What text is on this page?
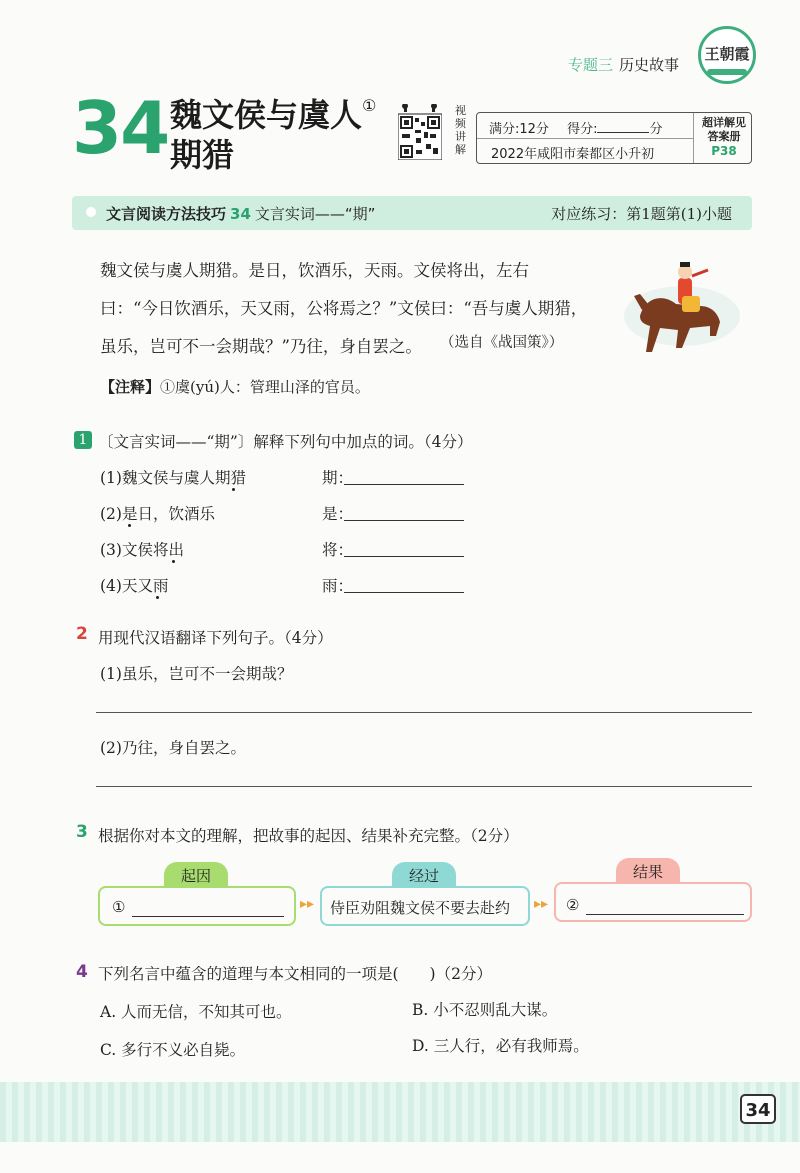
专题三 历史故事
王朝霞
34 魏文侯与虞人①
期猎
视频讲解
满分:12分 得分:	分
2022年咸阳市秦都区小升初
超详解见
答案册
P38
文言阅读方法技巧 34 文言实词——“期”	对应练习：第1题第(1)小题

魏文侯与虞人期猎。是日，饮酒乐，天雨。文侯将出，左右

曰：“今日饮酒乐，天又雨，公将焉之？”文侯曰：“吾与虞人期猎，

虽乐，岂可不一会期哉？”乃往，身自罢之。	（选自《战国策》）
【注释】①虞(yú)人：管理山泽的官员。
1 〔文言实词——“期”〕解释下列句中加点的词。（4分）
(1)魏文侯与虞人期猎	期：
(2)是日，饮酒乐	是：
(3)文侯将出	将：
(4)天又雨	雨：
2 用现代汉语翻译下列句子。（4分）
(1)虽乐，岂可不一会期哉？
(2)乃往，身自罢之。
3 根据你对本文的理解，把故事的起因、结果补充完整。（2分）
起因	经过	结果
①	▸▸ 侍臣劝阻魏文侯不要去赴约 ▸▸ ②
4 下列名言中蕴含的道理与本文相同的一项是(　　)（2分）
A. 人而无信，不知其可也。	B. 小不忍则乱大谋。
C. 多行不义必自毙。	D. 三人行，必有我师焉。
34
